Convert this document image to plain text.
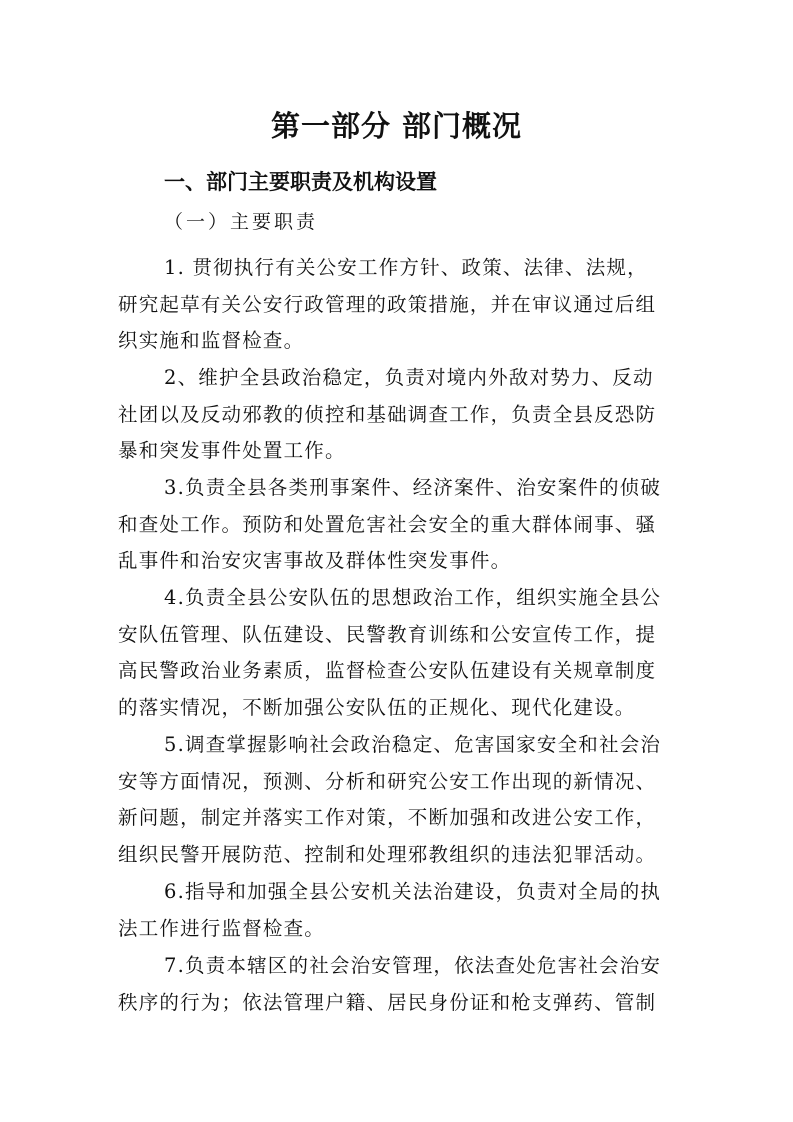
第一部分 部门概况
一、部门主要职责及机构设置
（一）主要职责
1. 贯彻执行有关公安工作方针、政策、法律、法规，
研究起草有关公安行政管理的政策措施，并在审议通过后组
织实施和监督检查。
2、维护全县政治稳定，负责对境内外敌对势力、反动
社团以及反动邪教的侦控和基础调查工作，负责全县反恐防
暴和突发事件处置工作。
3.负责全县各类刑事案件、经济案件、治安案件的侦破
和查处工作。预防和处置危害社会安全的重大群体闹事、骚
乱事件和治安灾害事故及群体性突发事件。
4.负责全县公安队伍的思想政治工作，组织实施全县公
安队伍管理、队伍建设、民警教育训练和公安宣传工作，提
高民警政治业务素质，监督检查公安队伍建设有关规章制度
的落实情况，不断加强公安队伍的正规化、现代化建设。
5.调查掌握影响社会政治稳定、危害国家安全和社会治
安等方面情况，预测、分析和研究公安工作出现的新情况、
新问题，制定并落实工作对策，不断加强和改进公安工作，
组织民警开展防范、控制和处理邪教组织的违法犯罪活动。
6.指导和加强全县公安机关法治建设，负责对全局的执
法工作进行监督检查。
7.负责本辖区的社会治安管理，依法查处危害社会治安
秩序的行为；依法管理户籍、居民身份证和枪支弹药、管制
